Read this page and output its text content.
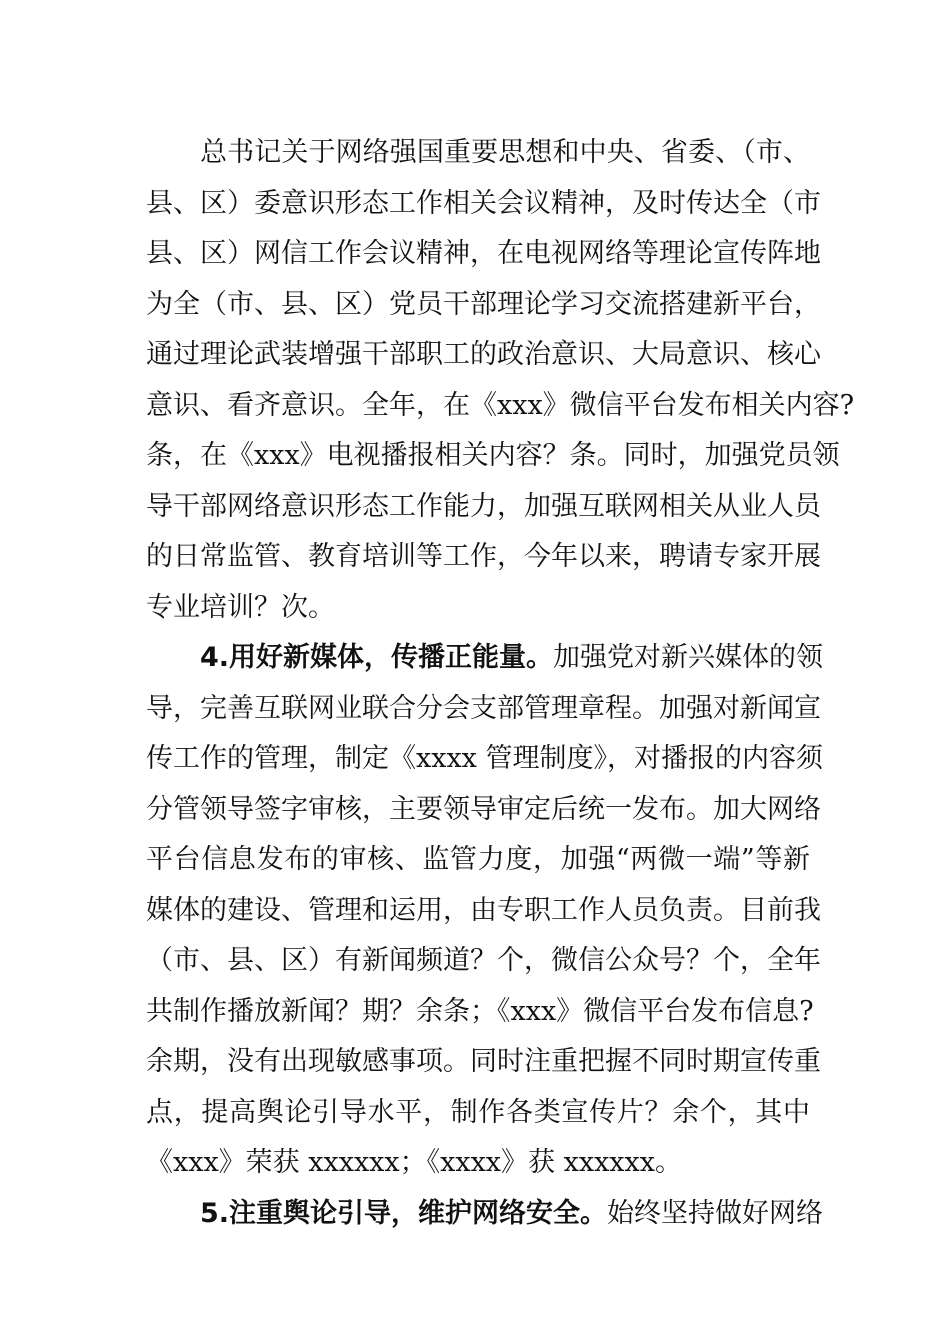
总书记关于网络强国重要思想和中央、省委、（市、
县、区）委意识形态工作相关会议精神，及时传达全（市
县、区）网信工作会议精神，在电视网络等理论宣传阵地
为全（市、县、区）党员干部理论学习交流搭建新平台，
通过理论武装增强干部职工的政治意识、大局意识、核心
意识、看齐意识。全年，在《xxx》微信平台发布相关内容?
条，在《xxx》电视播报相关内容？条。同时，加强党员领
导干部网络意识形态工作能力，加强互联网相关从业人员
的日常监管、教育培训等工作，今年以来，聘请专家开展
专业培训？次。
4.用好新媒体，传播正能量。加强党对新兴媒体的领
导，完善互联网业联合分会支部管理章程。加强对新闻宣
传工作的管理，制定《xxxx 管理制度》，对播报的内容须
分管领导签字审核，主要领导审定后统一发布。加大网络
平台信息发布的审核、监管力度，加强“两微一端”等新
媒体的建设、管理和运用，由专职工作人员负责。目前我
（市、县、区）有新闻频道？个，微信公众号？个，全年
共制作播放新闻？期？余条；《xxx》微信平台发布信息?
余期，没有出现敏感事项。同时注重把握不同时期宣传重
点，提高舆论引导水平，制作各类宣传片？余个，其中
《xxx》荣获 xxxxxx；《xxxx》获 xxxxxx。
5.注重舆论引导，维护网络安全。始终坚持做好网络
